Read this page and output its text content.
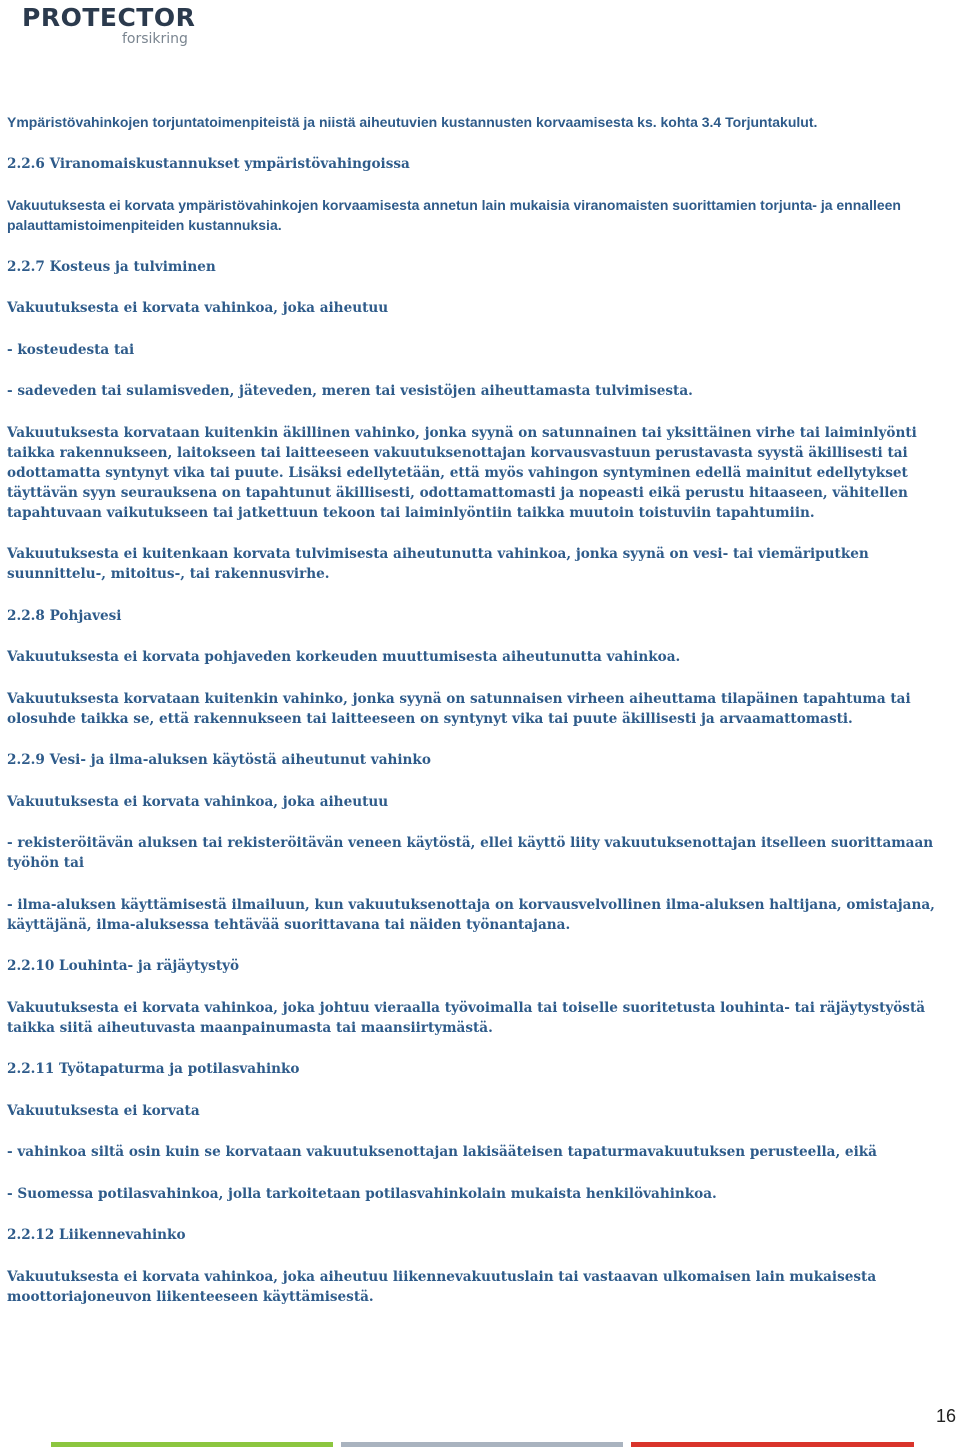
PROTECTOR
forsikring

Ympäristövahinkojen torjuntatoimenpiteistä ja niistä aiheutuvien kustannusten korvaamisesta ks. kohta 3.4 Torjuntakulut.

2.2.6 Viranomaiskustannukset ympäristövahingoissa

Vakuutuksesta ei korvata ympäristövahinkojen korvaamisesta annetun lain mukaisia viranomaisten suorittamien torjunta- ja ennalleen palauttamistoimenpiteiden kustannuksia.

2.2.7 Kosteus ja tulviminen

Vakuutuksesta ei korvata vahinkoa, joka aiheutuu

- kosteudesta tai

- sadeveden tai sulamisveden, jäteveden, meren tai vesistöjen aiheuttamasta tulvimisesta.

Vakuutuksesta korvataan kuitenkin äkillinen vahinko, jonka syynä on satunnainen tai yksittäinen virhe tai laiminlyönti taikka rakennukseen, laitokseen tai laitteeseen vakuutuksenottajan korvausvastuun perustavasta syystä äkillisesti tai odottamatta syntynyt vika tai puute. Lisäksi edellytetään, että myös vahingon syntyminen edellä mainitut edellytykset täyttävän syyn seurauksena on tapahtunut äkillisesti, odottamattomasti ja nopeasti eikä perustu hitaaseen, vähitellen tapahtuvaan vaikutukseen tai jatkettuun tekoon tai laiminlyöntiin taikka muutoin toistuviin tapahtumiin.

Vakuutuksesta ei kuitenkaan korvata tulvimisesta aiheutunutta vahinkoa, jonka syynä on vesi- tai viemäriputken suunnittelu-, mitoitus-, tai rakennusvirhe.

2.2.8 Pohjavesi

Vakuutuksesta ei korvata pohjaveden korkeuden muuttumisesta aiheutunutta vahinkoa.

Vakuutuksesta korvataan kuitenkin vahinko, jonka syynä on satunnaisen virheen aiheuttama tilapäinen tapahtuma tai olosuhde taikka se, että rakennukseen tai laitteeseen on syntynyt vika tai puute äkillisesti ja arvaamattomasti.

2.2.9 Vesi- ja ilma-aluksen käytöstä aiheutunut vahinko

Vakuutuksesta ei korvata vahinkoa, joka aiheutuu

- rekisteröitävän aluksen tai rekisteröitävän veneen käytöstä, ellei käyttö liity vakuutuksenottajan itselleen suorittamaan työhön tai

- ilma-aluksen käyttämisestä ilmailuun, kun vakuutuksenottaja on korvausvelvollinen ilma-aluksen haltijana, omistajana, käyttäjänä, ilma-aluksessa tehtävää suorittavana tai näiden työnantajana.

2.2.10 Louhinta- ja räjäytystyö

Vakuutuksesta ei korvata vahinkoa, joka johtuu vieraalla työvoimalla tai toiselle suoritetusta louhinta- tai räjäytystyöstä taikka siitä aiheutuvasta maanpainumasta tai maansiirtymästä.

2.2.11 Työtapaturma ja potilasvahinko

Vakuutuksesta ei korvata

- vahinkoa siltä osin kuin se korvataan vakuutuksenottajan lakisääteisen tapaturmavakuutuksen perusteella, eikä

- Suomessa potilasvahinkoa, jolla tarkoitetaan potilasvahinkolain mukaista henkilövahinkoa.

2.2.12 Liikennevahinko

Vakuutuksesta ei korvata vahinkoa, joka aiheutuu liikennevakuutuslain tai vastaavan ulkomaisen lain mukaisesta moottoriajoneuvon liikenteeseen käyttämisestä.

16
